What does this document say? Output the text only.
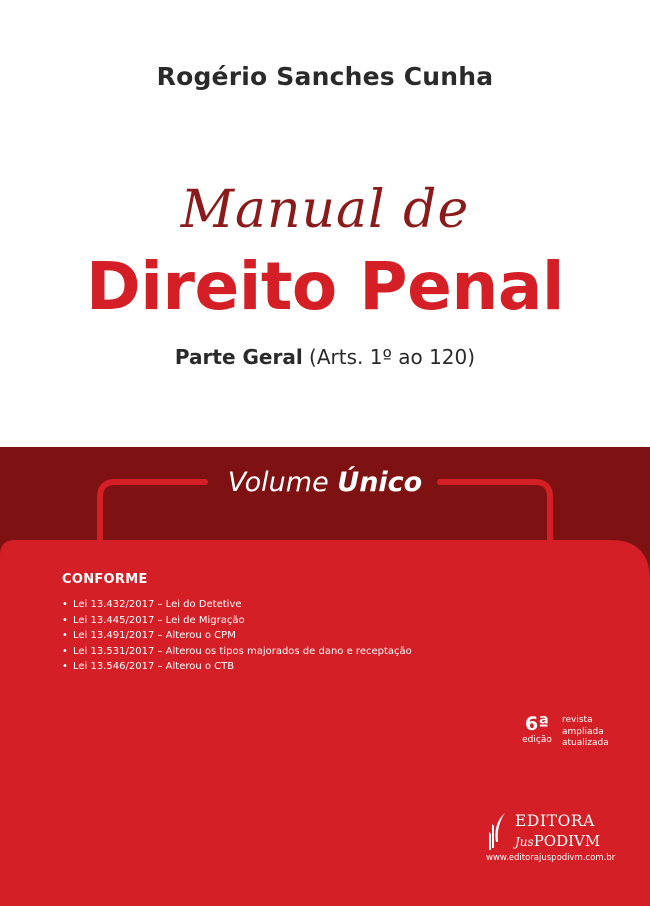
Rogério Sanches Cunha
Manual de
Direito Penal
Parte Geral (Arts. 1º ao 120)
Volume Único
CONFORME
• Lei 13.432/2017 – Lei do Detetive
• Lei 13.445/2017 – Lei de Migração
• Lei 13.491/2017 – Alterou o CPM
• Lei 13.531/2017 – Alterou os tipos majorados de dano e receptação
• Lei 13.546/2017 – Alterou o CTB
6ª
edição
revista
ampliada
atualizada
EDITORA
JusPODIVM
www.editorajuspodivm.com.br
